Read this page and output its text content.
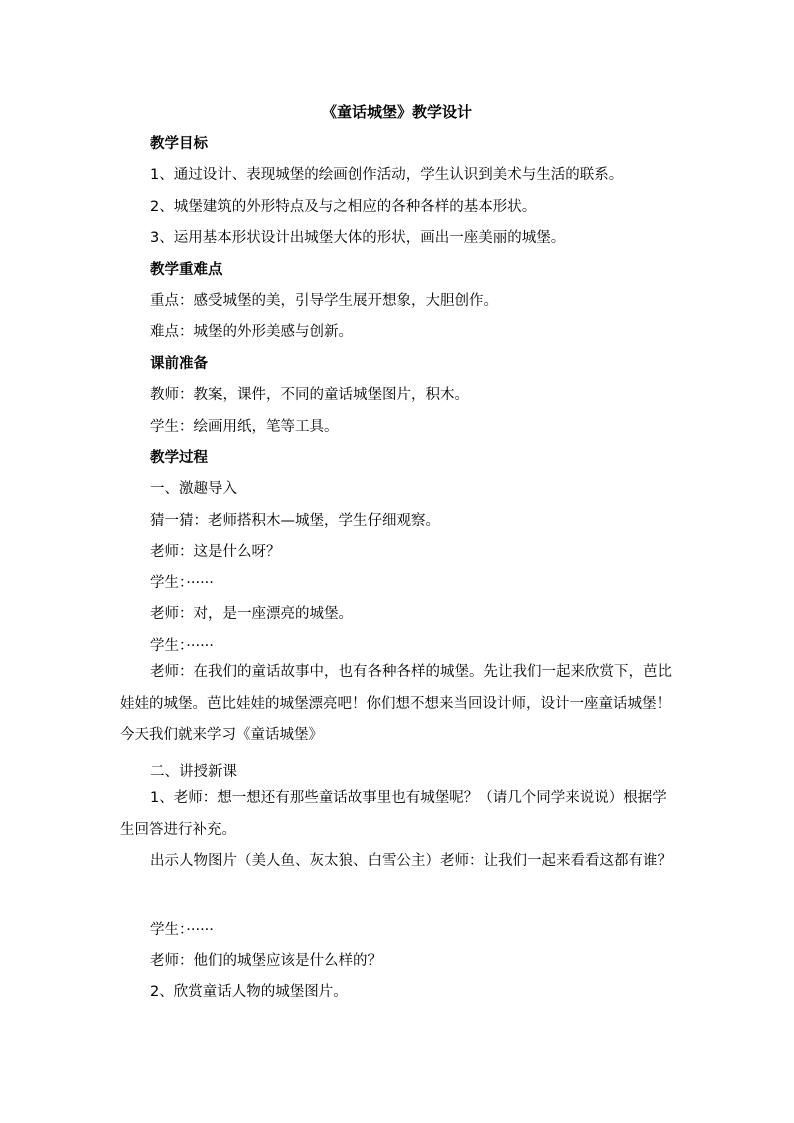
《童话城堡》教学设计

教学目标

1、通过设计、表现城堡的绘画创作活动，学生认识到美术与生活的联系。

2、城堡建筑的外形特点及与之相应的各种各样的基本形状。

3、运用基本形状设计出城堡大体的形状，画出一座美丽的城堡。

教学重难点

重点：感受城堡的美，引导学生展开想象，大胆创作。

难点：城堡的外形美感与创新。

课前准备

教师：教案，课件，不同的童话城堡图片，积木。

学生：绘画用纸，笔等工具。

教学过程

一、激趣导入

猜一猜：老师搭积木—城堡，学生仔细观察。

老师：这是什么呀？

学生：······

老师：对，是一座漂亮的城堡。

学生：······

老师：在我们的童话故事中，也有各种各样的城堡。先让我们一起来欣赏下，芭比娃娃的城堡。芭比娃娃的城堡漂亮吧！你们想不想来当回设计师，设计一座童话城堡！今天我们就来学习《童话城堡》

二、讲授新课

1、老师：想一想还有那些童话故事里也有城堡呢？（请几个同学来说说）根据学生回答进行补充。

出示人物图片（美人鱼、灰太狼、白雪公主）老师：让我们一起来看看这都有谁？

学生：······

老师：他们的城堡应该是什么样的？

2、欣赏童话人物的城堡图片。
